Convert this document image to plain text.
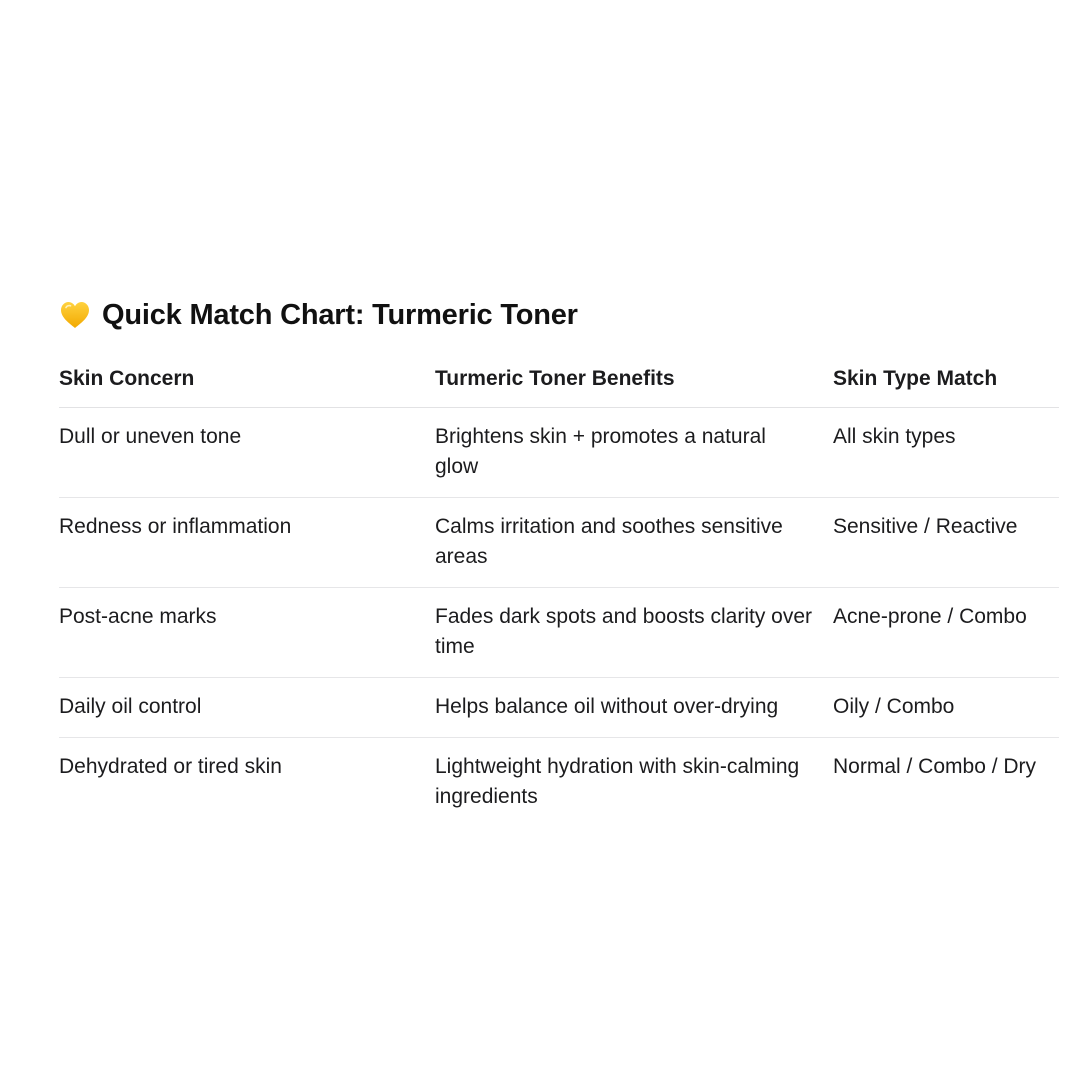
Quick Match Chart: Turmeric Toner
Skin Concern	Turmeric Toner Benefits	Skin Type Match
Dull or uneven tone	Brightens skin + promotes a natural glow	All skin types
Redness or inflammation	Calms irritation and soothes sensitive areas	Sensitive / Reactive
Post-acne marks	Fades dark spots and boosts clarity over time	Acne-prone / Combo
Daily oil control	Helps balance oil without over-drying	Oily / Combo
Dehydrated or tired skin	Lightweight hydration with skin-calming ingredients	Normal / Combo / Dry
